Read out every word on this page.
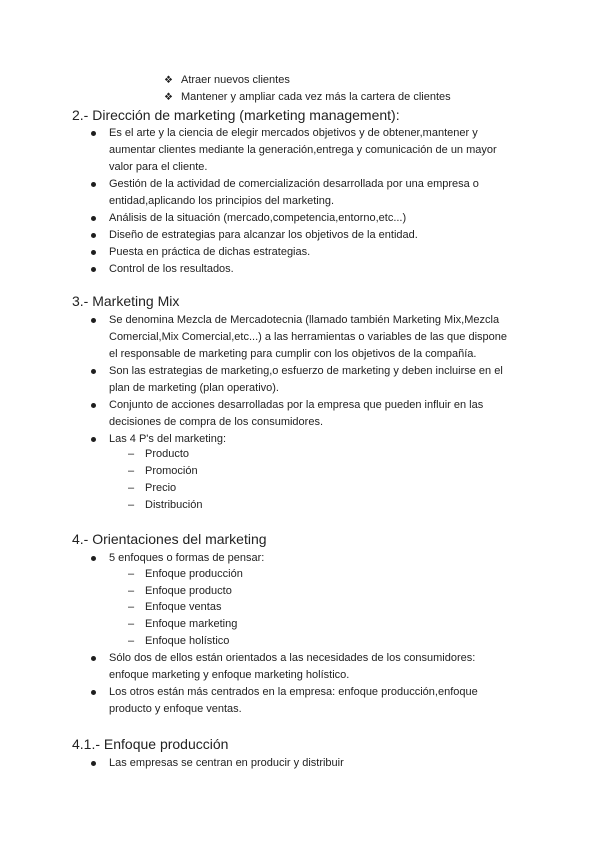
❖ Atraer nuevos clientes
❖ Mantener y ampliar cada vez más la cartera de clientes
2.- Dirección de marketing (marketing management):
Es el arte y la ciencia de elegir mercados objetivos y de obtener,mantener y
aumentar clientes mediante la generación,entrega y comunicación de un mayor
valor para el cliente.
Gestión de la actividad de comercialización desarrollada por una empresa o
entidad,aplicando los principios del marketing.
Análisis de la situación (mercado,competencia,entorno,etc...)
Diseño de estrategias para alcanzar los objetivos de la entidad.
Puesta en práctica de dichas estrategias.
Control de los resultados.
3.- Marketing Mix
Se denomina Mezcla de Mercadotecnia (llamado también Marketing Mix,Mezcla
Comercial,Mix Comercial,etc...) a las herramientas o variables de las que dispone
el responsable de marketing para cumplir con los objetivos de la compañía.
Son las estrategias de marketing,o esfuerzo de marketing y deben incluirse en el
plan de marketing (plan operativo).
Conjunto de acciones desarrolladas por la empresa que pueden influir en las
decisiones de compra de los consumidores.
Las 4 P's del marketing:
– Producto
– Promoción
– Precio
– Distribución
4.- Orientaciones del marketing
5 enfoques o formas de pensar:
– Enfoque producción
– Enfoque producto
– Enfoque ventas
– Enfoque marketing
– Enfoque holístico
Sólo dos de ellos están orientados a las necesidades de los consumidores:
enfoque marketing y enfoque marketing holístico.
Los otros están más centrados en la empresa: enfoque producción,enfoque
producto y enfoque ventas.
4.1.- Enfoque producción
Las empresas se centran en producir y distribuir
